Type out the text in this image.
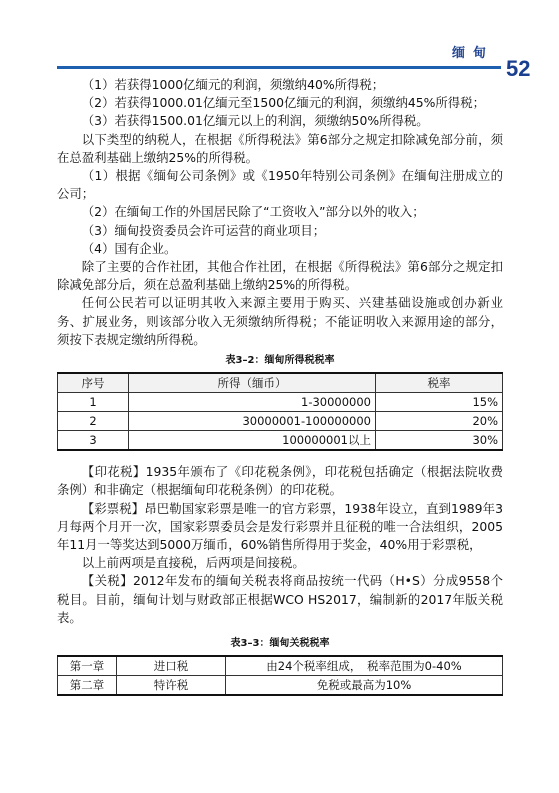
缅甸
52

（1）若获得1000亿缅元的利润，须缴纳40%所得税；

（2）若获得1000.01亿缅元至1500亿缅元的利润，须缴纳45%所得税；

（3）若获得1500.01亿缅元以上的利润，须缴纳50%所得税。

以下类型的纳税人，在根据《所得税法》第6部分之规定扣除减免部分前，须在总盈利基础上缴纳25%的所得税。

（1）根据《缅甸公司条例》或《1950年特别公司条例》在缅甸注册成立的公司；

（2）在缅甸工作的外国居民除了“工资收入”部分以外的收入；

（3）缅甸投资委员会许可运营的商业项目；

（4）国有企业。

除了主要的合作社团，其他合作社团，在根据《所得税法》第6部分之规定扣除减免部分后，须在总盈利基础上缴纳25%的所得税。

任何公民若可以证明其收入来源主要用于购买、兴建基础设施或创办新业务、扩展业务，则该部分收入无须缴纳所得税；不能证明收入来源用途的部分，须按下表规定缴纳所得税。

表3–2：缅甸所得税税率
序号	所得（缅币）	税率
1	1-30000000	15%
2	30000001-100000000	20%
3	100000001以上	30%

【印花税】1935年颁布了《印花税条例》，印花税包括确定（根据法院收费条例）和非确定（根据缅甸印花税条例）的印花税。

【彩票税】昂巴勒国家彩票是唯一的官方彩票，1938年设立，直到1989年3月每两个月开一次，国家彩票委员会是发行彩票并且征税的唯一合法组织，2005年11月一等奖达到5000万缅币，60%销售所得用于奖金，40%用于彩票税，

以上前两项是直接税，后两项是间接税。

【关税】2012年发布的缅甸关税表将商品按统一代码（H•S）分成9558个税目。目前，缅甸计划与财政部正根据WCO HS2017，编制新的2017年版关税表。

表3–3：缅甸关税税率
第一章	进口税	由24个税率组成，　税率范围为0-40%
第二章	特许税	免税或最高为10%
